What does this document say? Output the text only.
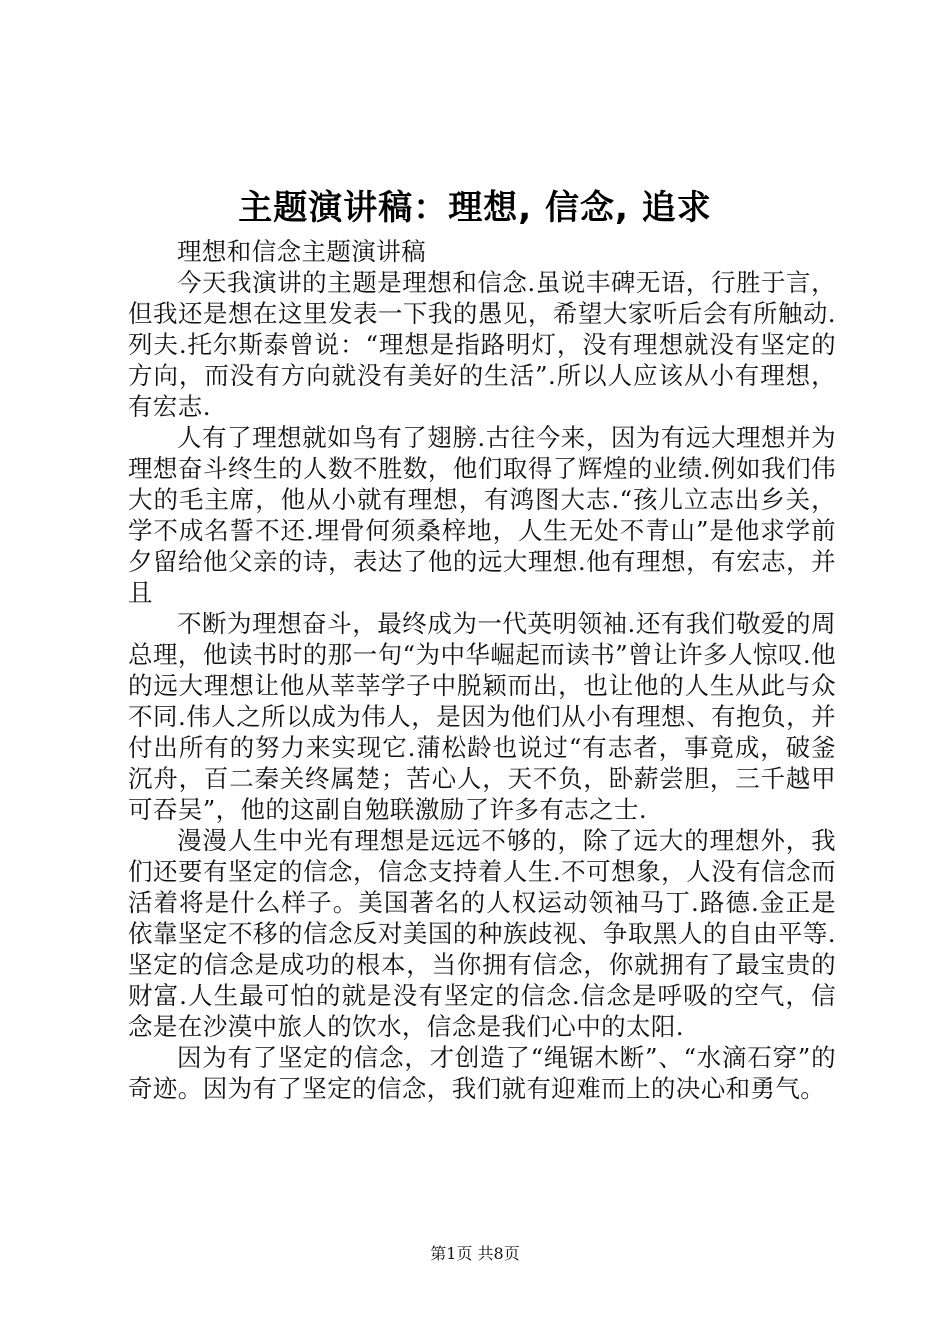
主题演讲稿：理想, 信念, 追求

理想和信念主题演讲稿

今天我演讲的主题是理想和信念.虽说丰碑无语，行胜于言，但我还是想在这里发表一下我的愚见，希望大家听后会有所触动.列夫.托尔斯泰曾说：“理想是指路明灯，没有理想就没有坚定的方向，而没有方向就没有美好的生活”.所以人应该从小有理想，有宏志.

人有了理想就如鸟有了翅膀.古往今来，因为有远大理想并为理想奋斗终生的人数不胜数，他们取得了辉煌的业绩.例如我们伟大的毛主席，他从小就有理想，有鸿图大志.“孩儿立志出乡关，学不成名誓不还.埋骨何须桑梓地，人生无处不青山”是他求学前夕留给他父亲的诗，表达了他的远大理想.他有理想，有宏志，并且

不断为理想奋斗，最终成为一代英明领袖.还有我们敬爱的周总理，他读书时的那一句“为中华崛起而读书”曾让许多人惊叹.他的远大理想让他从莘莘学子中脱颖而出，也让他的人生从此与众不同.伟人之所以成为伟人，是因为他们从小有理想、有抱负，并付出所有的努力来实现它.蒲松龄也说过“有志者，事竟成，破釜沉舟，百二秦关终属楚；苦心人，天不负，卧薪尝胆，三千越甲可吞吴”，他的这副自勉联激励了许多有志之士.

漫漫人生中光有理想是远远不够的，除了远大的理想外，我们还要有坚定的信念，信念支持着人生.不可想象，人没有信念而活着将是什么样子。美国著名的人权运动领袖马丁.路德.金正是依靠坚定不移的信念反对美国的种族歧视、争取黑人的自由平等.坚定的信念是成功的根本，当你拥有信念，你就拥有了最宝贵的财富.人生最可怕的就是没有坚定的信念.信念是呼吸的空气，信念是在沙漠中旅人的饮水，信念是我们心中的太阳.

因为有了坚定的信念，才创造了“绳锯木断”、“水滴石穿”的奇迹。因为有了坚定的信念，我们就有迎难而上的决心和勇气。

第1页 共8页
